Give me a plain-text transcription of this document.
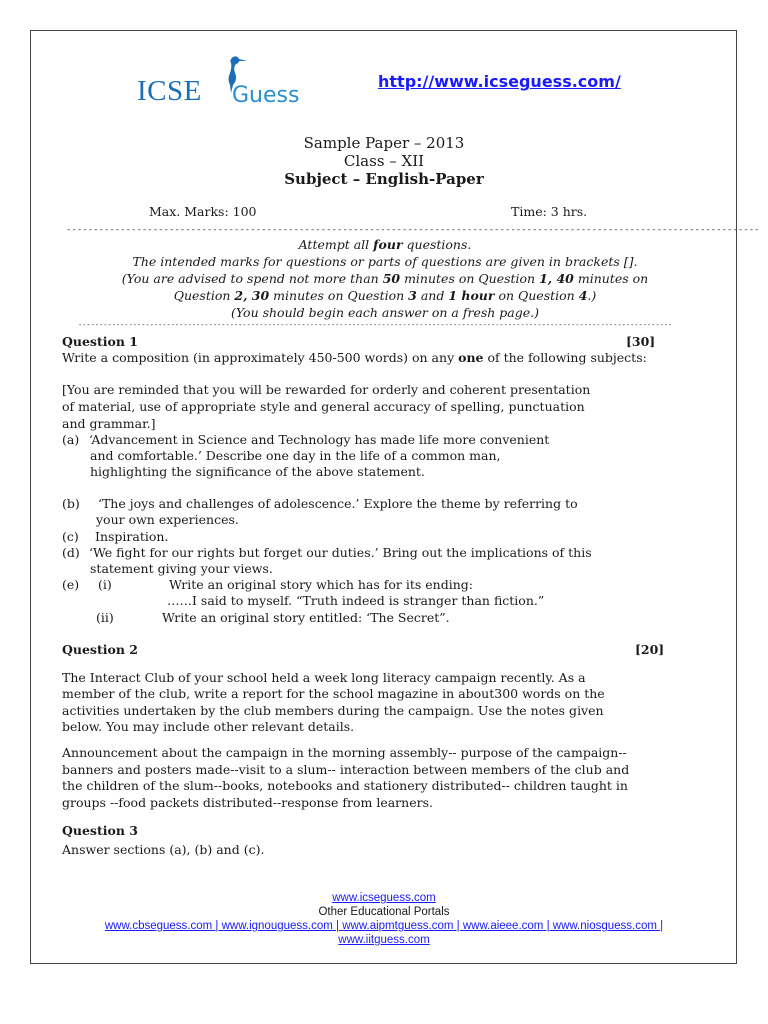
ICSE Guess
http://www.icseguess.com/
Sample Paper – 2013
Class – XII
Subject – English-Paper
Max. Marks: 100	Time: 3 hrs.
--------------------------------------------------------------------------------------------------------------------------------
Attempt all four questions.
The intended marks for questions or parts of questions are given in brackets [].
(You are advised to spend not more than 50 minutes on Question 1, 40 minutes on
Question 2, 30 minutes on Question 3 and 1 hour on Question 4.)
(You should begin each answer on a fresh page.)
---------------------------------------------------------------------------------------------------------------------------------------------
Question 1	[30]
Write a composition (in approximately 450-500 words) on any one of the following subjects:
[You are reminded that you will be rewarded for orderly and coherent presentation
of material, use of appropriate style and general accuracy of spelling, punctuation
and grammar.]
(a) ‘Advancement in Science and Technology has made life more convenient
and comfortable.’ Describe one day in the life of a common man,
highlighting the significance of the above statement.
(b) ‘The joys and challenges of adolescence.’ Explore the theme by referring to
your own experiences.
(c) Inspiration.
(d) ‘We fight for our rights but forget our duties.’ Bring out the implications of this
statement giving your views.
(e) (i)	Write an original story which has for its ending:
……I said to myself. “Truth indeed is stranger than fiction.”
(ii)	Write an original story entitled: ‘The Secret”.
Question 2	[20]
The Interact Club of your school held a week long literacy campaign recently. As a
member of the club, write a report for the school magazine in about300 words on the
activities undertaken by the club members during the campaign. Use the notes given
below. You may include other relevant details.
Announcement about the campaign in the morning assembly-- purpose of the campaign--
banners and posters made--visit to a slum-- interaction between members of the club and
the children of the slum--books, notebooks and stationery distributed-- children taught in
groups --food packets distributed--response from learners.
Question 3
Answer sections (a), (b) and (c).
www.icseguess.com
Other Educational Portals
www.cbseguess.com | www.ignouguess.com | www.aipmtguess.com | www.aieee.com | www.niosguess.com |
www.iitguess.com
